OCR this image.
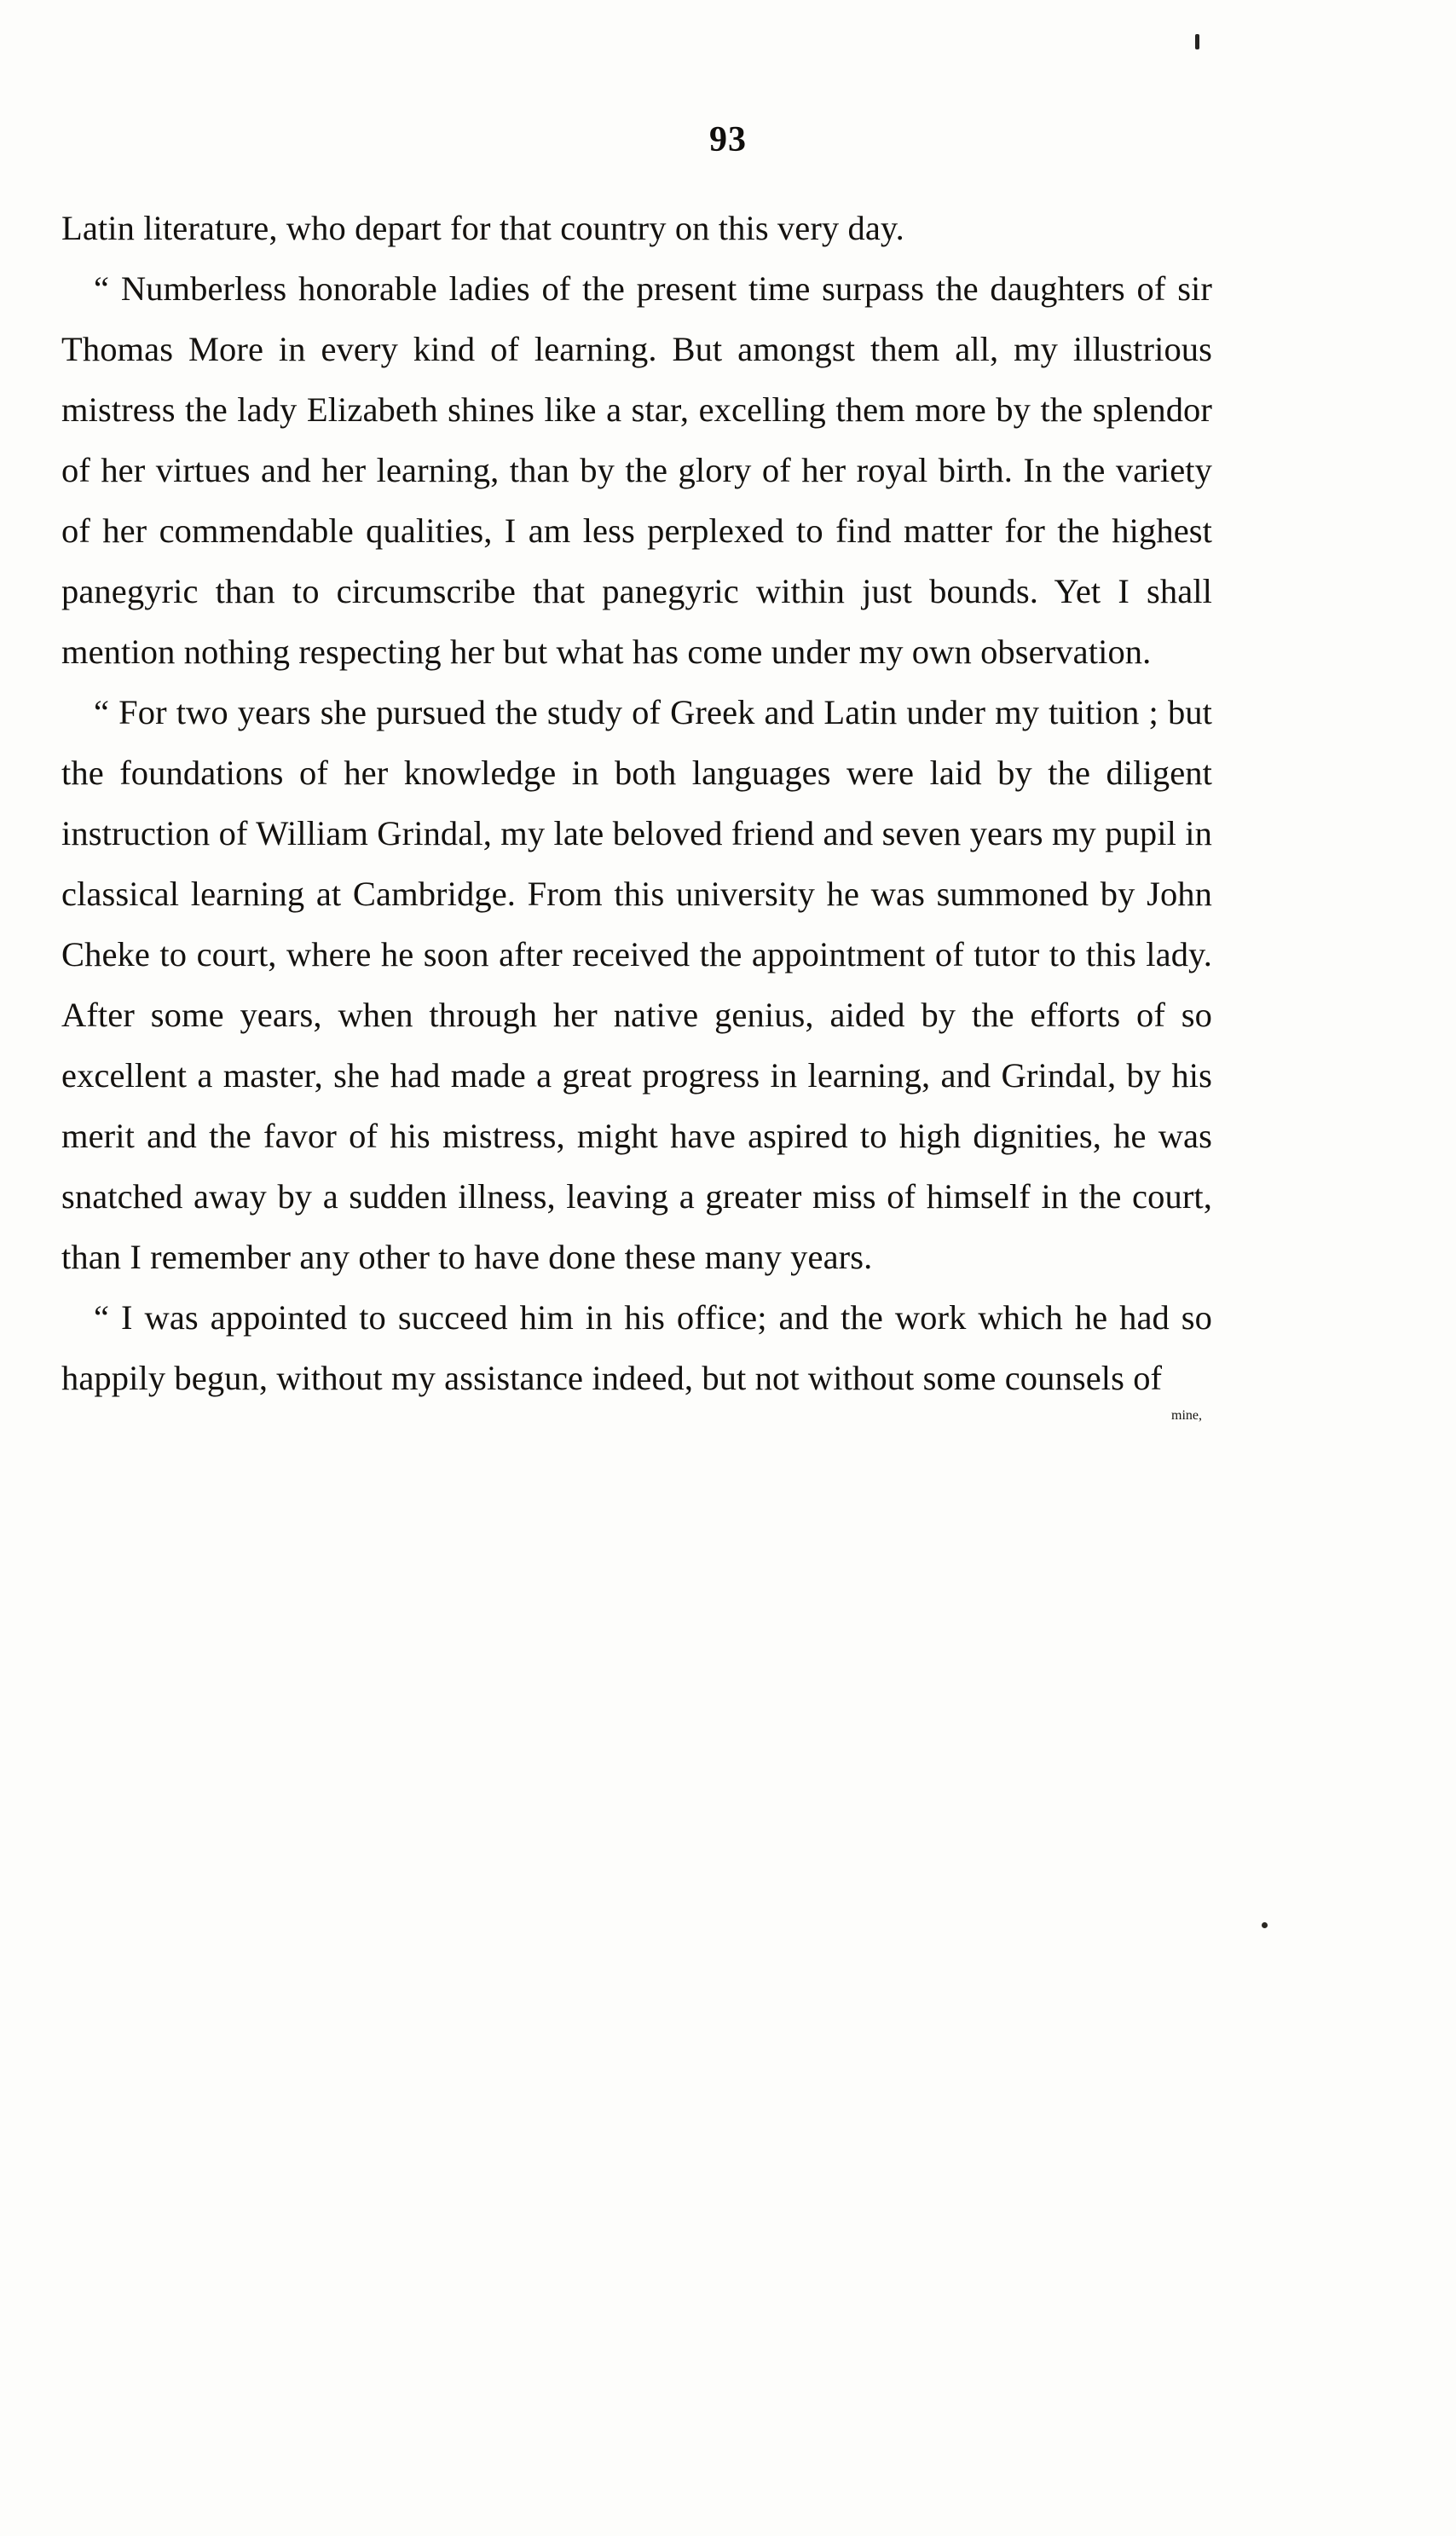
93

Latin literature, who depart for that country on this very day.

“ Numberless honorable ladies of the present time surpass the daughters of sir Thomas More in every kind of learning. But amongst them all, my illustrious mistress the lady Elizabeth shines like a star, excelling them more by the splendor of her virtues and her learning, than by the glory of her royal birth. In the variety of her commendable qualities, I am less perplexed to find matter for the highest panegyric than to circumscribe that panegyric within just bounds. Yet I shall mention nothing respecting her but what has come under my own observation.

“ For two years she pursued the study of Greek and Latin under my tuition ; but the foundations of her knowledge in both languages were laid by the diligent instruction of William Grindal, my late beloved friend and seven years my pupil in classical learning at Cambridge. From this university he was summoned by John Cheke to court, where he soon after received the appointment of tutor to this lady. After some years, when through her native genius, aided by the efforts of so excellent a master, she had made a great progress in learning, and Grindal, by his merit and the favor of his mistress, might have aspired to high dignities, he was snatched away by a sudden illness, leaving a greater miss of himself in the court, than I remember any other to have done these many years.

“ I was appointed to succeed him in his office; and the work which he had so happily begun, without my assistance indeed, but not without some counsels of

mine,
